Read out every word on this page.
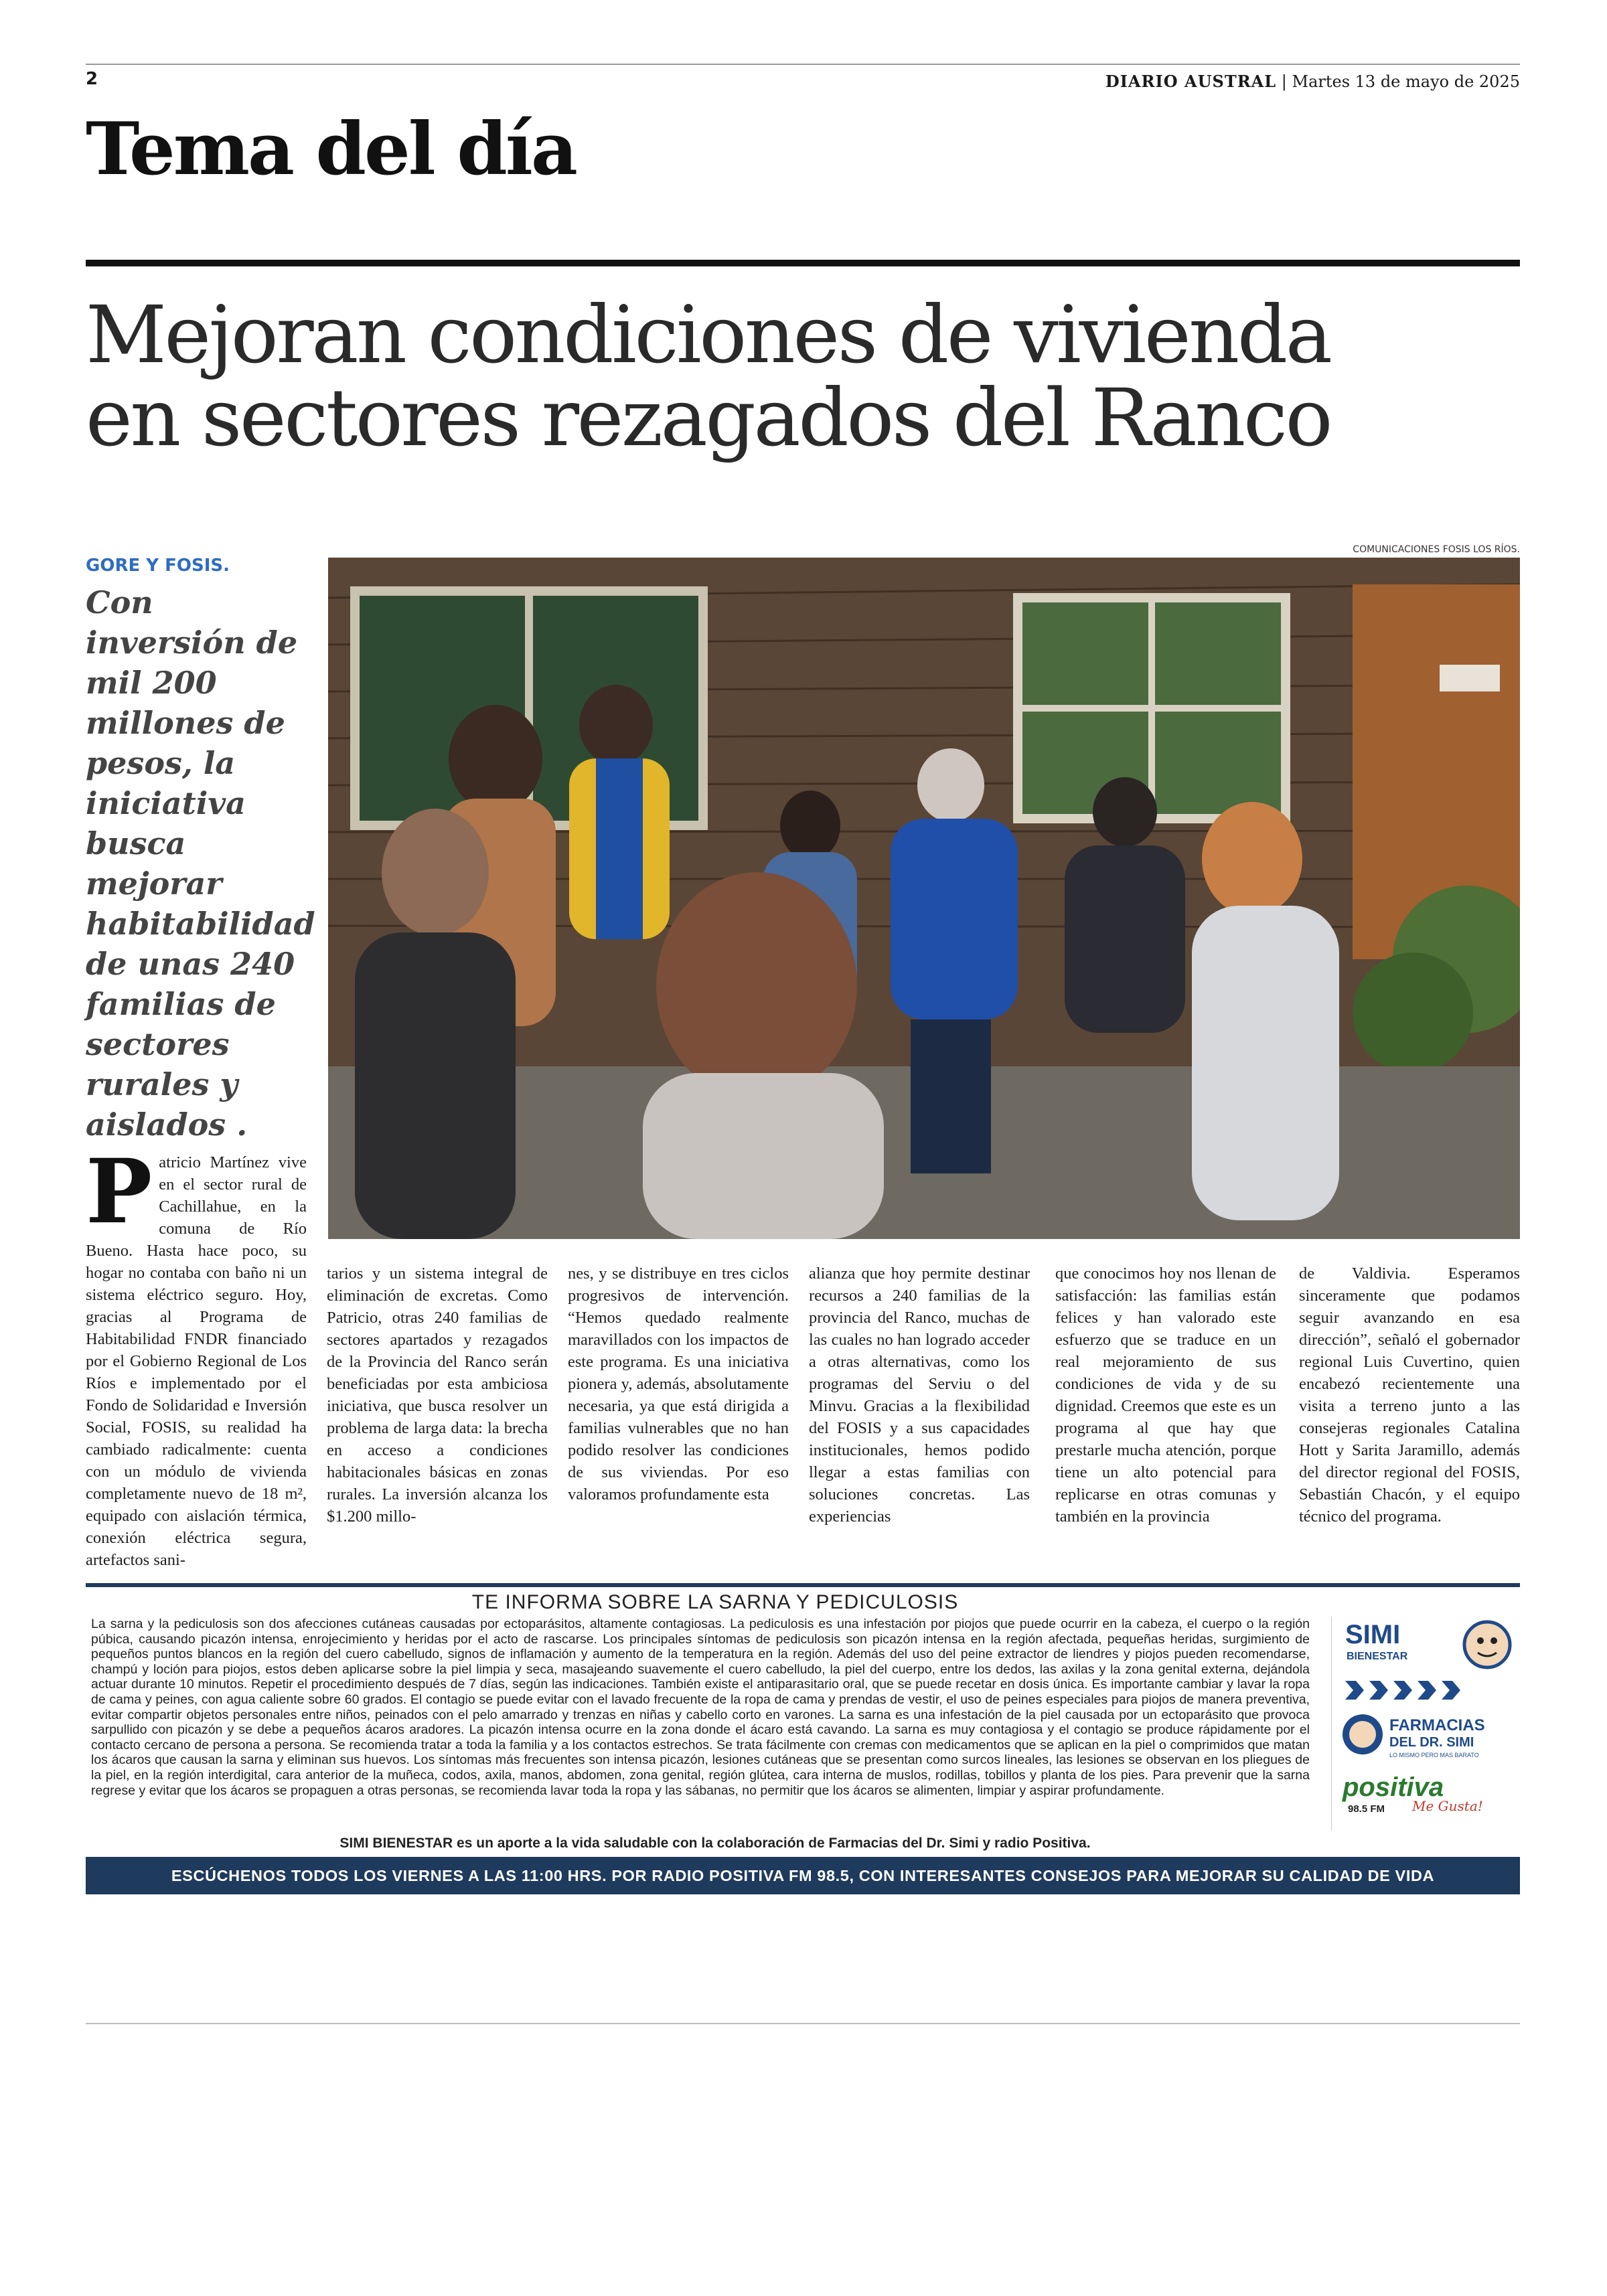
2	DIARIO AUSTRAL | Martes 13 de mayo de 2025
Tema del día
Mejoran condiciones de vivienda
en sectores rezagados del Ranco
GORE Y FOSIS.
Con inversión de mil 200 millones de pesos, la iniciativa busca mejorar habitabilidad de unas 240 familias de sectores rurales y aislados .
COMUNICACIONES FOSIS LOS RÍOS.
Patricio Martínez vive en el sector rural de Cachillahue, en la comuna de Río Bueno. Hasta hace poco, su hogar no contaba con baño ni un sistema eléctrico seguro. Hoy, gracias al Programa de Habitabilidad FNDR financiado por el Gobierno Regional de Los Ríos e implementado por el Fondo de Solidaridad e Inversión Social, FOSIS, su realidad ha cambiado radicalmente: cuenta con un módulo de vivienda completamente nuevo de 18 m², equipado con aislación térmica, conexión eléctrica segura, artefactos sani-
tarios y un sistema integral de eliminación de excretas. Como Patricio, otras 240 familias de sectores apartados y rezagados de la Provincia del Ranco serán beneficiadas por esta ambiciosa iniciativa, que busca resolver un problema de larga data: la brecha en acceso a condiciones habitacionales básicas en zonas rurales. La inversión alcanza los $1.200 millo-
nes, y se distribuye en tres ciclos progresivos de intervención. “Hemos quedado realmente maravillados con los impactos de este programa. Es una iniciativa pionera y, además, absolutamente necesaria, ya que está dirigida a familias vulnerables que no han podido resolver las condiciones de sus viviendas. Por eso valoramos profundamente esta
alianza que hoy permite destinar recursos a 240 familias de la provincia del Ranco, muchas de las cuales no han logrado acceder a otras alternativas, como los programas del Serviu o del Minvu. Gracias a la flexibilidad del FOSIS y a sus capacidades institucionales, hemos podido llegar a estas familias con soluciones concretas. Las experiencias
que conocimos hoy nos llenan de satisfacción: las familias están felices y han valorado este esfuerzo que se traduce en un real mejoramiento de sus condiciones de vida y de su dignidad. Creemos que este es un programa al que hay que prestarle mucha atención, porque tiene un alto potencial para replicarse en otras comunas y también en la provincia
de Valdivia. Esperamos sinceramente que podamos seguir avanzando en esa dirección”, señaló el gobernador regional Luis Cuvertino, quien encabezó recientemente una visita a terreno junto a las consejeras regionales Catalina Hott y Sarita Jaramillo, además del director regional del FOSIS, Sebastián Chacón, y el equipo técnico del programa.
TE INFORMA SOBRE LA SARNA Y PEDICULOSIS
La sarna y la pediculosis son dos afecciones cutáneas causadas por ectoparásitos, altamente contagiosas. La pediculosis es una infestación por piojos que puede ocurrir en la cabeza, el cuerpo o la región púbica, causando picazón intensa, enrojecimiento y heridas por el acto de rascarse. Los principales síntomas de pediculosis son picazón intensa en la región afectada, pequeñas heridas, surgimiento de pequeños puntos blancos en la región del cuero cabelludo, signos de inflamación y aumento de la temperatura en la región. Además del uso del peine extractor de liendres y piojos pueden recomendarse, champú y loción para piojos, estos deben aplicarse sobre la piel limpia y seca, masajeando suavemente el cuero cabelludo, la piel del cuerpo, entre los dedos, las axilas y la zona genital externa, dejándola actuar durante 10 minutos. Repetir el procedimiento después de 7 días, según las indicaciones. También existe el antiparasitario oral, que se puede recetar en dosis única. Es importante cambiar y lavar la ropa de cama y peines, con agua caliente sobre 60 grados. El contagio se puede evitar con el lavado frecuente de la ropa de cama y prendas de vestir, el uso de peines especiales para piojos de manera preventiva, evitar compartir objetos personales entre niños, peinados con el pelo amarrado y trenzas en niñas y cabello corto en varones. La sarna es una infestación de la piel causada por un ectoparásito que provoca sarpullido con picazón y se debe a pequeños ácaros aradores. La picazón intensa ocurre en la zona donde el ácaro está cavando. La sarna es muy contagiosa y el contagio se produce rápidamente por el contacto cercano de persona a persona. Se recomienda tratar a toda la familia y a los contactos estrechos. Se trata fácilmente con cremas con medicamentos que se aplican en la piel o comprimidos que matan los ácaros que causan la sarna y eliminan sus huevos. Los síntomas más frecuentes son intensa picazón, lesiones cutáneas que se presentan como surcos lineales, las lesiones se observan en los pliegues de la piel, en la región interdigital, cara anterior de la muñeca, codos, axila, manos, abdomen, zona genital, región glútea, cara interna de muslos, rodillas, tobillos y planta de los pies. Para prevenir que la sarna regrese y evitar que los ácaros se propaguen a otras personas, se recomienda lavar toda la ropa y las sábanas, no permitir que los ácaros se alimenten, limpiar y aspirar profundamente.
SIMI
BIENESTAR
FARMACIAS
DEL DR. SIMI
LO MISMO PERO MAS BARATO
positiva
98.5 FM Me Gusta!
SIMI BIENESTAR es un aporte a la vida saludable con la colaboración de Farmacias del Dr. Simi y radio Positiva.
ESCÚCHENOS TODOS LOS VIERNES A LAS 11:00 HRS. POR RADIO POSITIVA FM 98.5, CON INTERESANTES CONSEJOS PARA MEJORAR SU CALIDAD DE VIDA
